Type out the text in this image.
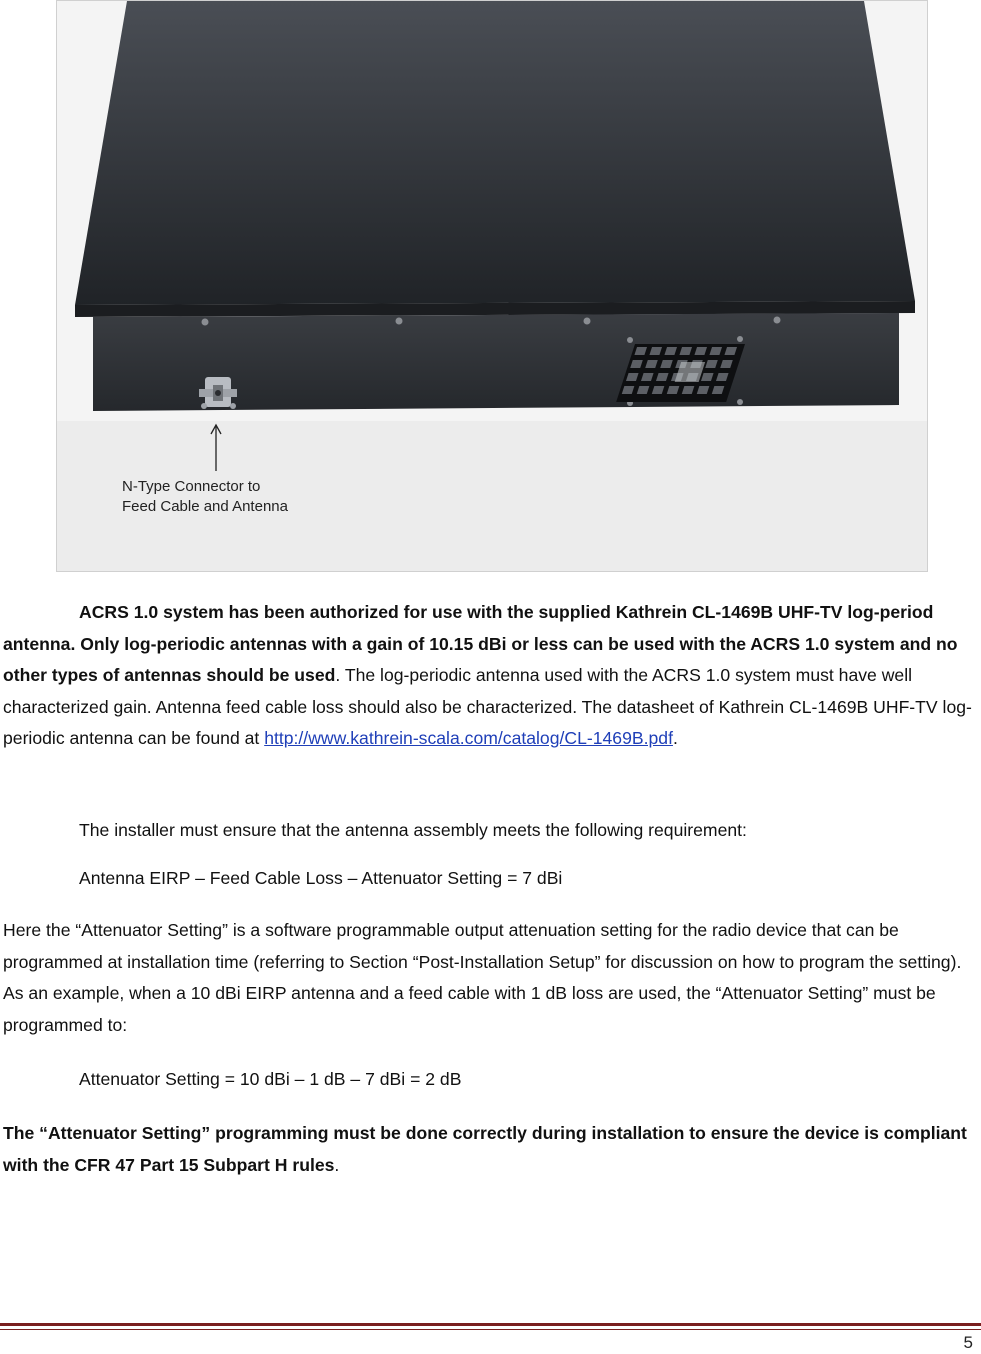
N-Type Connector to
Feed Cable and Antenna
ACRS 1.0 system has been authorized for use with the supplied Kathrein CL-1469B UHF-TV log-period antenna. Only log-periodic antennas with a gain of 10.15 dBi or less can be used with the ACRS 1.0 system and no other types of antennas should be used. The log-periodic antenna used with the ACRS 1.0 system must have well characterized gain. Antenna feed cable loss should also be characterized. The datasheet of Kathrein CL-1469B UHF-TV log-periodic antenna can be found at http://www.kathrein-scala.com/catalog/CL-1469B.pdf.
The installer must ensure that the antenna assembly meets the following requirement:
Antenna EIRP – Feed Cable Loss – Attenuator Setting = 7 dBi
Here the “Attenuator Setting” is a software programmable output attenuation setting for the radio device that can be programmed at installation time (referring to Section “Post-Installation Setup” for discussion on how to program the setting). As an example, when a 10 dBi EIRP antenna and a feed cable with 1 dB loss are used, the “Attenuator Setting” must be programmed to:
Attenuator Setting = 10 dBi – 1 dB – 7 dBi = 2 dB
The “Attenuator Setting” programming must be done correctly during installation to ensure the device is compliant with the CFR 47 Part 15 Subpart H rules.
5
